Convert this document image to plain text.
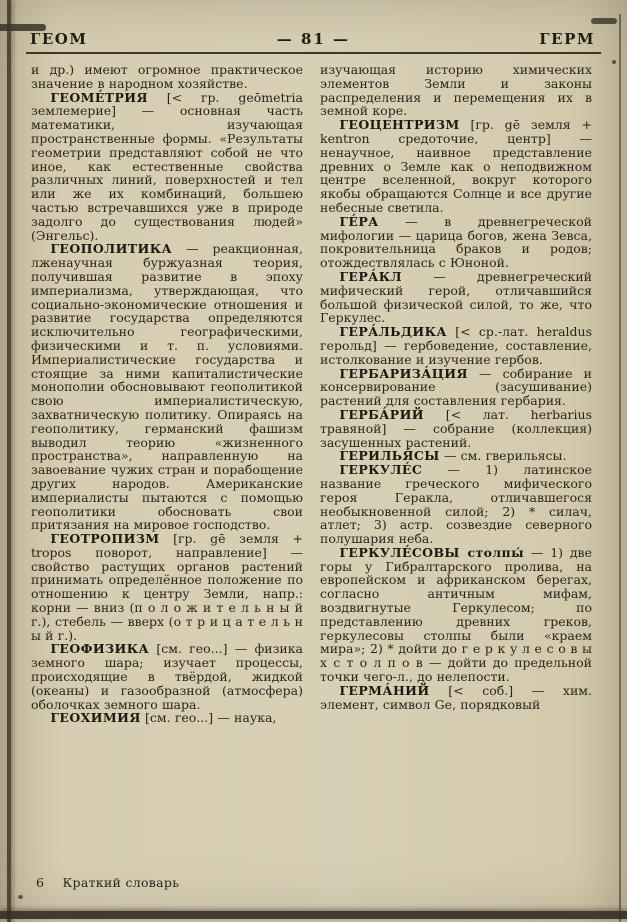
ГЕОМ	— 81 —	ГЕРМ

и др.) имеют огромное практическое значение в народном хозяйстве.

ГЕОМЕ́ТРИЯ [< гр. geōmetria землемерие] — основная часть математики, изучающая пространственные формы. «Результаты геометрии представляют собой не что иное, как естественные свойства различных линий, поверхностей и тел или же их комбинаций, большею частью встречавшихся уже в природе задолго до существования людей» (Энгельс).

ГЕОПОЛИТИКА — реакционная, лженаучная буржуазная теория, получившая развитие в эпоху империализма, утверждающая, что социально-экономические отношения и развитие государства определяются исключительно географическими, физическими и т. п. условиями. Империалистические государства и стоящие за ними капиталистические монополии обосновывают геополитикой свою империалистическую, захватническую политику. Опираясь на геополитику, германский фашизм выводил теорию «жизненного пространства», направленную на завоевание чужих стран и порабощение других народов. Американские империалисты пытаются с помощью геополитики обосновать свои притязания на мировое господство.

ГЕОТРОПИЗМ [гр. gē земля + tropos поворот, направление] — свойство растущих органов растений принимать определённое положение по отношению к центру Земли, напр.: корни — вниз (п о л о ж и т е л ь н ы й г.), стебель — вверх (о т р и ц а т е л ь н ы й г.).

ГЕОФИЗИКА [см. гео...] — физика земного шара; изучает процессы, происходящие в твёрдой, жидкой (океаны) и газообразной (атмосфера) оболочках земного шара.

ГЕОХИМИЯ [см. гео...] — наука,

изучающая историю химических элементов Земли и законы распределения и перемещения их в земной коре.

ГЕОЦЕНТРИЗМ [гр. gē земля + kentron средоточие, центр] — ненаучное, наивное представление древних о Земле как о неподвижном центре вселенной, вокруг которого якобы обращаются Солнце и все другие небесные светила.

ГЕ́РА — в древнегреческой мифологии — царица богов, жена Зевса, покровительница браков и родов; отождествлялась с Юноной.

ГЕРА́КЛ	— древнегреческий мифический герой, отличавшийся большой физической силой, то же, что Геркулес.

ГЕРА́ЛЬДИКА [< ср.-лат. heraldus герольд] — гербоведение, составление, истолкование и изучение гербов.

ГЕРБАРИЗА́ЦИЯ — собирание и консервирование (засушивание) растений для составления гербария.

ГЕРБА́РИЙ [< лат. herbarius травяной] — собрание (коллекция) засушенных растений.

ГЕРИЛЬЯ́СЫ — см. гверильясы.

ГЕРКУЛЕ́С — 1) латинское название греческого мифического героя Геракла, отличавшегося необыкновенной силой; 2) * силач, атлет; 3) астр. созвездие северного полушария неба.

ГЕРКУЛЕ́СОВЫ столпы́ — 1) две горы у Гибралтарского пролива, на европейском и африканском берегах, согласно античным мифам, воздвигнутые Геркулесом; по представлению древних греков, геркулесовы столпы были «краем мира»; 2) * дойти до г е р к у л е с о в ы х с т о л п о в — дойти до предельной точки чего-л., до нелепости.

ГЕРМА́НИЙ [< соб.] — хим. элемент, символ Ge, порядковый

6 Краткий словарь
